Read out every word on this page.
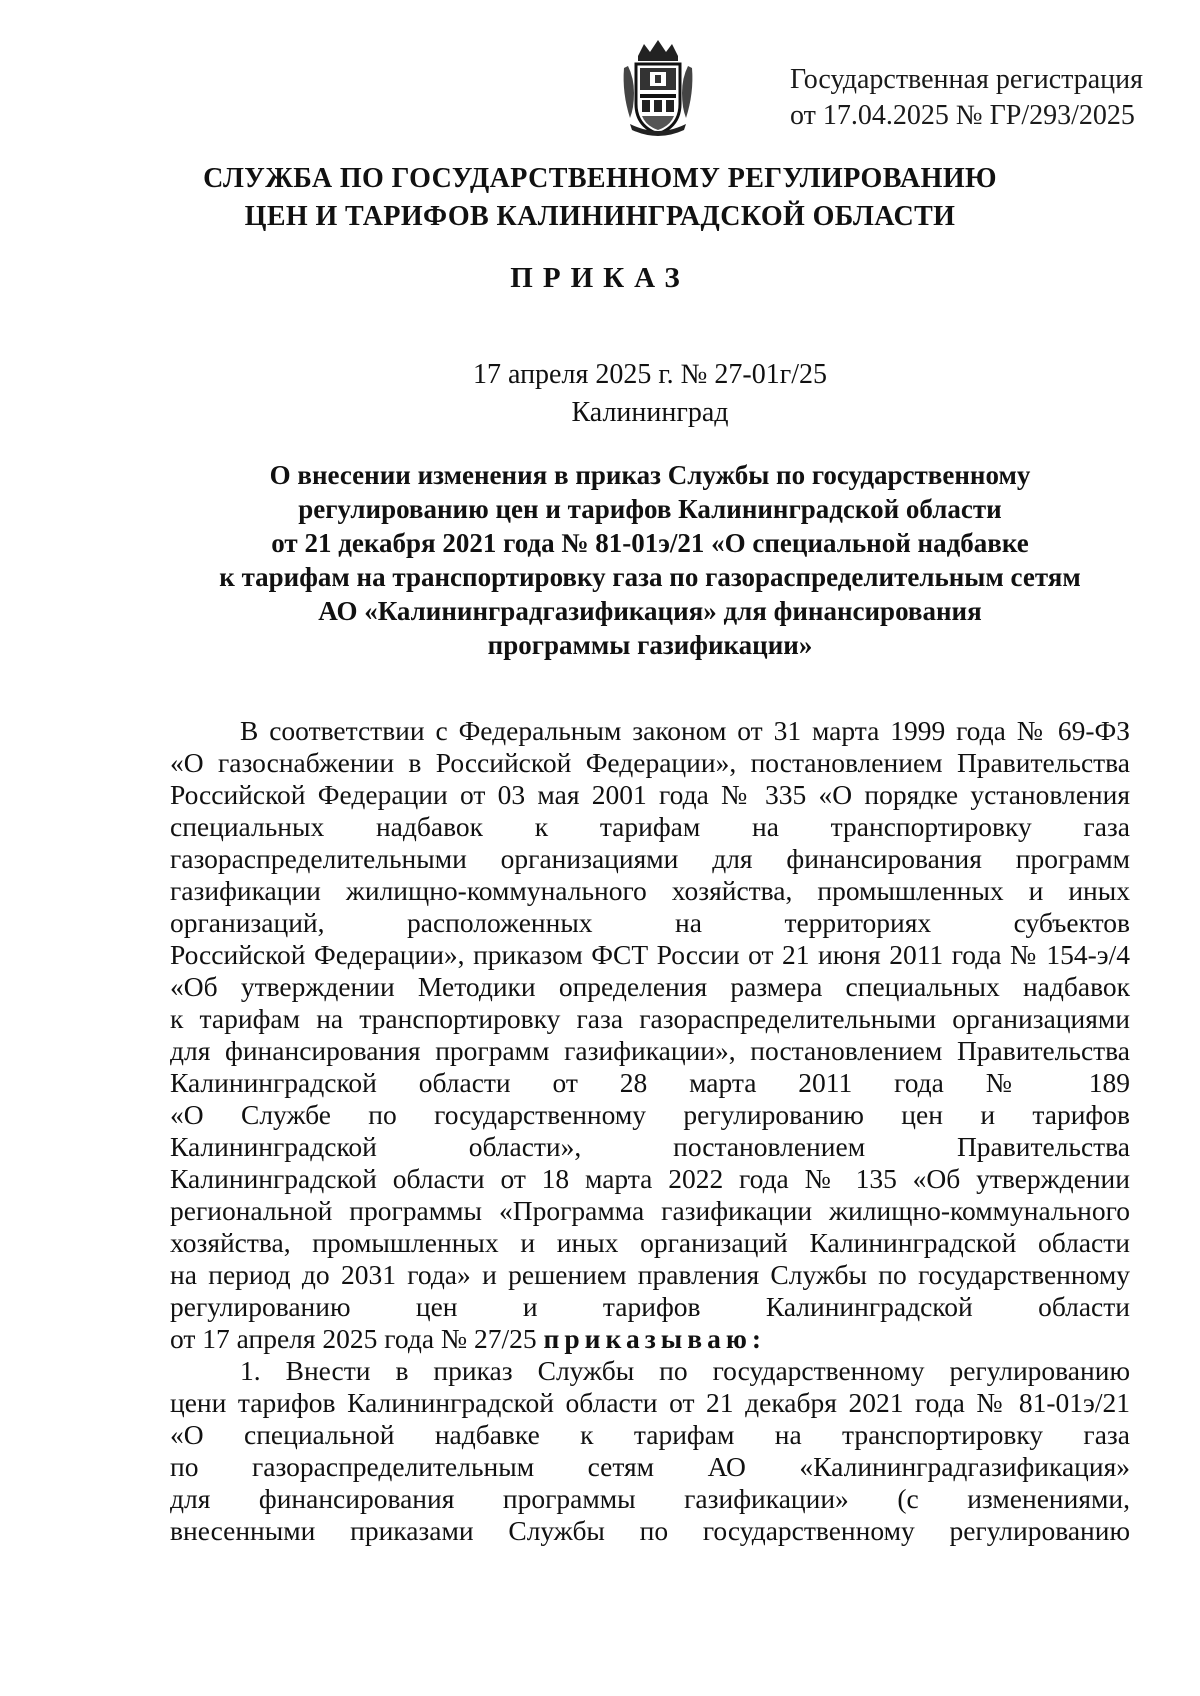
Государственная регистрация
от 17.04.2025 № ГР/293/2025
СЛУЖБА ПО ГОСУДАРСТВЕННОМУ РЕГУЛИРОВАНИЮ
ЦЕН И ТАРИФОВ КАЛИНИНГРАДСКОЙ ОБЛАСТИ
ПРИКАЗ
17 апреля 2025 г. № 27-01г/25
Калининград
О внесении изменения в приказ Службы по государственному
регулированию цен и тарифов Калининградской области
от 21 декабря 2021 года № 81-01э/21 «О специальной надбавке
к тарифам на транспортировку газа по газораспределительным сетям
АО «Калининградгазификация» для финансирования
программы газификации»
В соответствии с Федеральным законом от 31 марта 1999 года № 69-ФЗ
«О газоснабжении в Российской Федерации», постановлением Правительства
Российской Федерации от 03 мая 2001 года № 335 «О порядке установления
специальных надбавок к тарифам на транспортировку газа
газораспределительными организациями для финансирования программ
газификации жилищно-коммунального хозяйства, промышленных и иных
организаций, расположенных на территориях субъектов
Российской Федерации», приказом ФСТ России от 21 июня 2011 года № 154-э/4
«Об утверждении Методики определения размера специальных надбавок
к тарифам на транспортировку газа газораспределительными организациями
для финансирования программ газификации», постановлением Правительства
Калининградской области от 28 марта 2011 года № 189
«О Службе по государственному регулированию цен и тарифов
Калининградской области», постановлением Правительства
Калининградской области от 18 марта 2022 года № 135 «Об утверждении
региональной программы «Программа газификации жилищно-коммунального
хозяйства, промышленных и иных организаций Калининградской области
на период до 2031 года» и решением правления Службы по государственному
регулированию цен и тарифов Калининградской области
от 17 апреля 2025 года № 27/25 приказываю:
1. Внести в приказ Службы по государственному регулированию
цени тарифов Калининградской области от 21 декабря 2021 года № 81-01э/21
«О специальной надбавке к тарифам на транспортировку газа
по газораспределительным сетям АО «Калининградгазификация»
для финансирования программы газификации» (с изменениями,
внесенными приказами Службы по государственному регулированию
